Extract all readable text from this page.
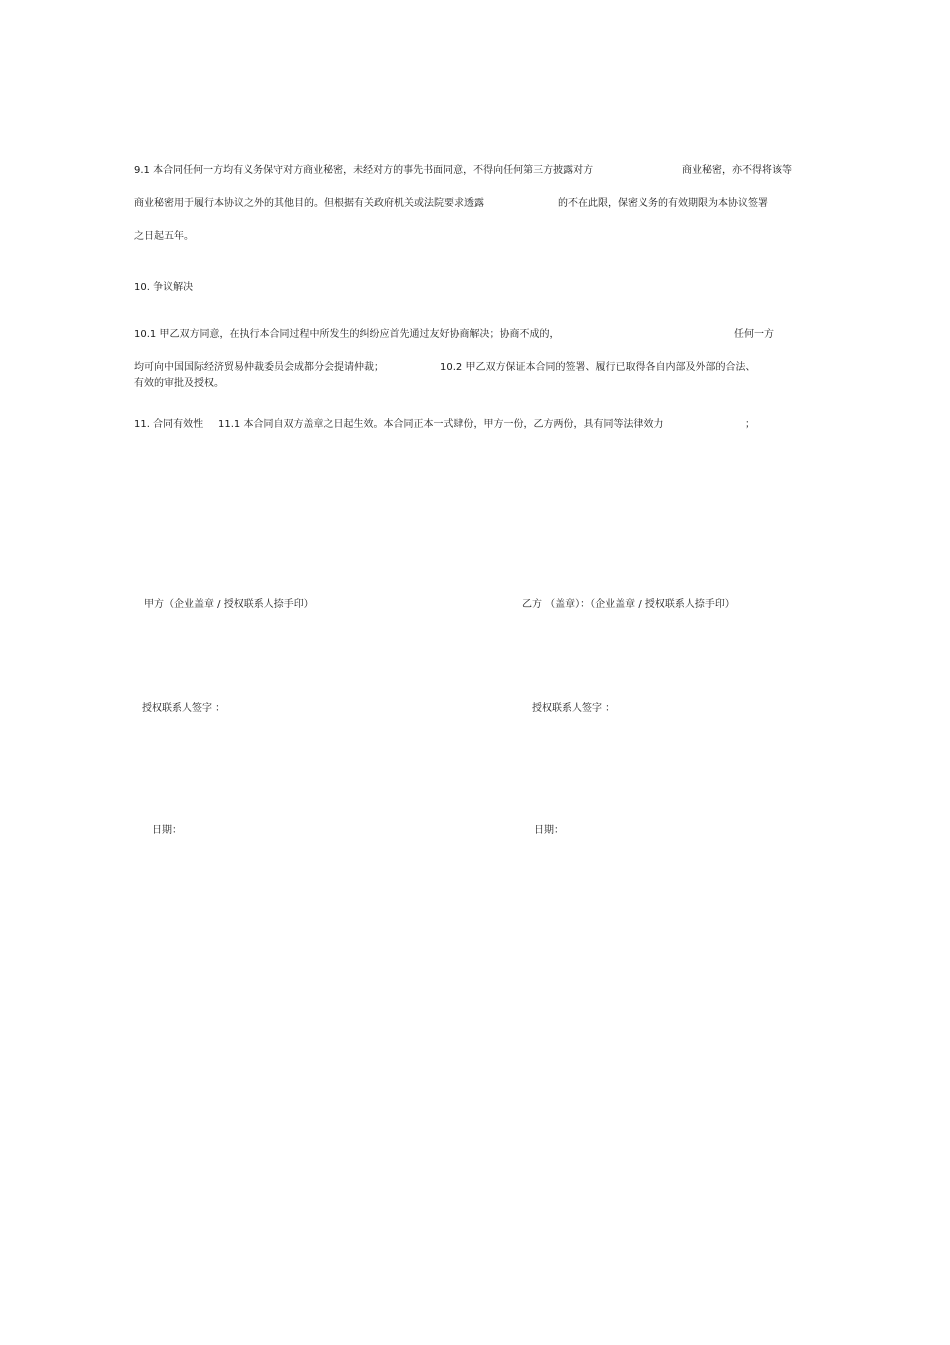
9.1 本合同任何一方均有义务保守对方商业秘密，未经对方的事先书面同意，不得向任何第三方披露对方	商业秘密，亦不得将该等
商业秘密用于履行本协议之外的其他目的。但根据有关政府机关或法院要求透露	的不在此限，保密义务的有效期限为本协议签署
之日起五年。
10. 争议解决
10.1 甲乙双方同意，在执行本合同过程中所发生的纠纷应首先通过友好协商解决；协商不成的，	任何一方
均可向中国国际经济贸易仲裁委员会成都分会提请仲裁；	10.2 甲乙双方保证本合同的签署、履行已取得各自内部及外部的合法、
有效的审批及授权。
11. 合同有效性 11.1 本合同自双方盖章之日起生效。本合同正本一式肆份，甲方一份，乙方两份，具有同等法律效力	；
甲方（企业盖章 / 授权联系人捺手印）	乙方 （盖章）：（企业盖章 / 授权联系人捺手印）
授权联系人签字 ：	授权联系人签字 ：
日期：	日期：
